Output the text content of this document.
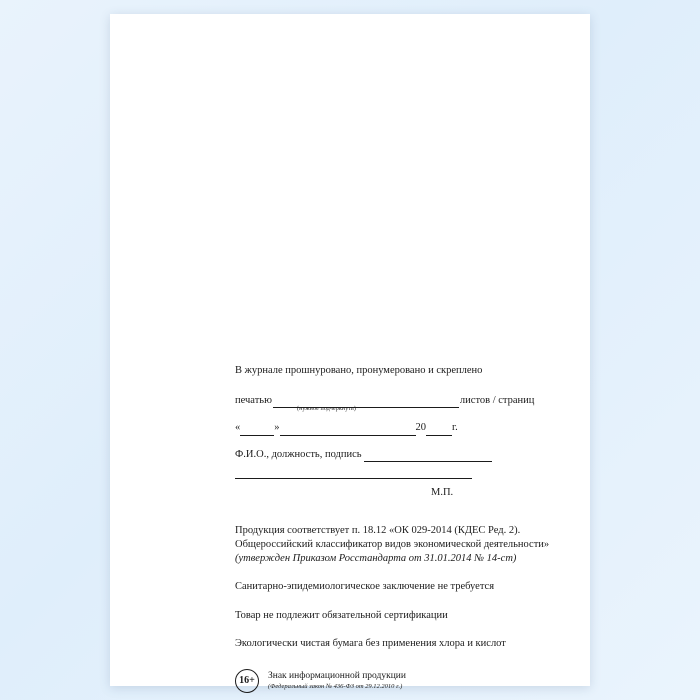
В журнале прошнуровано, пронумеровано и скреплено
печатью	листов / страниц
(нужное подчеркнуть)
«	»	20 г.
Ф.И.О., должность, подпись
М.П.
Продукция соответствует п. 18.12 «ОК 029-2014 (КДЕС Ред. 2).
Общероссийский классификатор видов экономической деятельности»
(утвержден Приказом Росстандарта от 31.01.2014 № 14-ст)
Санитарно-эпидемиологическое заключение не требуется
Товар не подлежит обязательной сертификации
Экологически чистая бумага без применения хлора и кислот
16+	Знак информационной продукции
(Федеральный закон № 436-ФЗ от 29.12.2010 г.)
